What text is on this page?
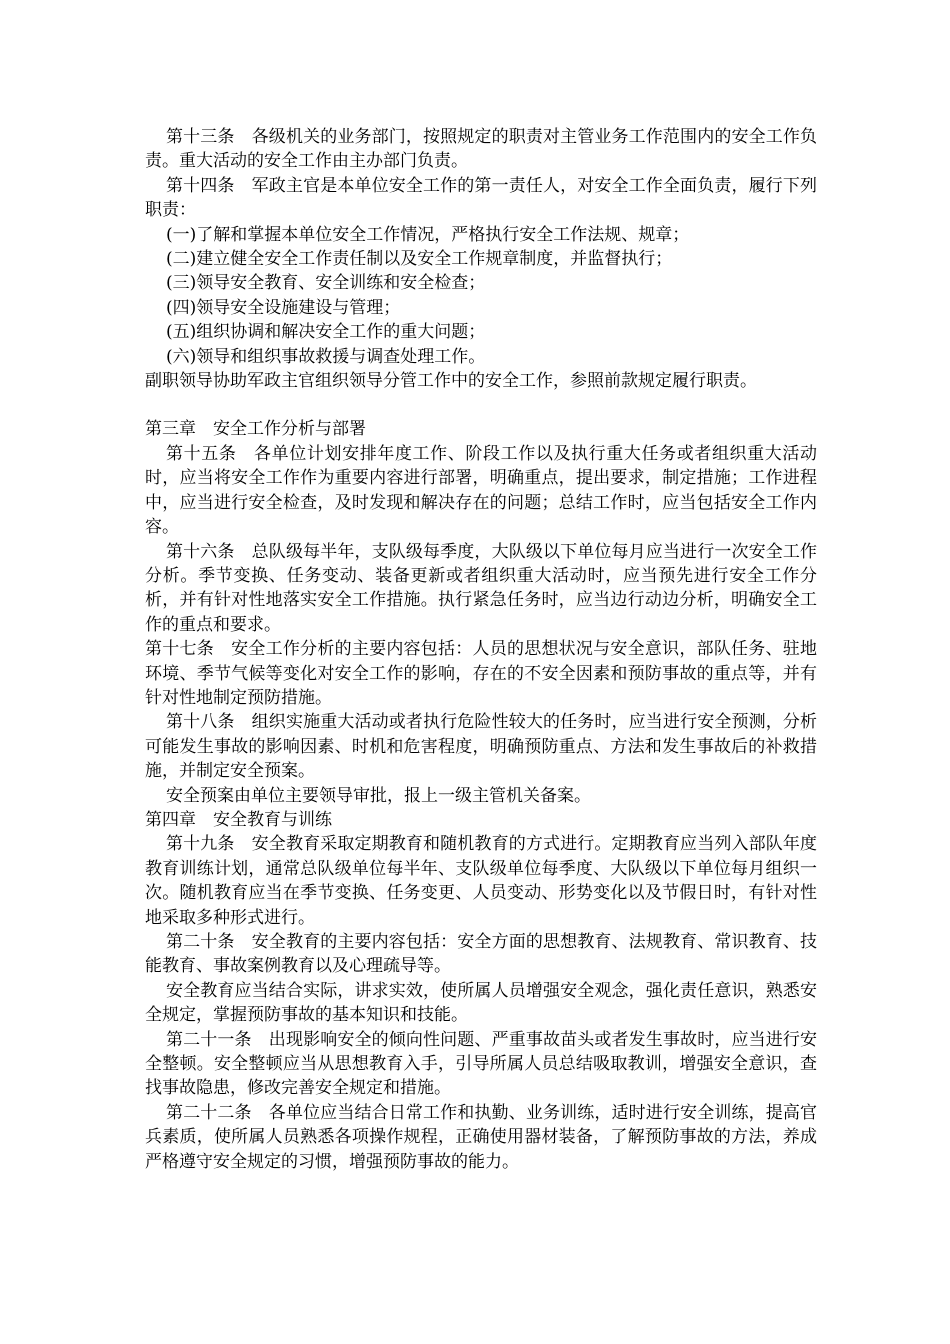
第十三条　各级机关的业务部门，按照规定的职责对主管业务工作范围内的安全工作负责。重大活动的安全工作由主办部门负责。

第十四条　军政主官是本单位安全工作的第一责任人，对安全工作全面负责，履行下列职责：

(一)了解和掌握本单位安全工作情况，严格执行安全工作法规、规章；

(二)建立健全安全工作责任制以及安全工作规章制度，并监督执行；

(三)领导安全教育、安全训练和安全检查；

(四)领导安全设施建设与管理；

(五)组织协调和解决安全工作的重大问题；

(六)领导和组织事故救援与调查处理工作。

副职领导协助军政主官组织领导分管工作中的安全工作，参照前款规定履行职责。

第三章　安全工作分析与部署

第十五条　各单位计划安排年度工作、阶段工作以及执行重大任务或者组织重大活动时，应当将安全工作作为重要内容进行部署，明确重点，提出要求，制定措施；工作进程中，应当进行安全检查，及时发现和解决存在的问题；总结工作时，应当包括安全工作内容。

第十六条　总队级每半年，支队级每季度，大队级以下单位每月应当进行一次安全工作分析。季节变换、任务变动、装备更新或者组织重大活动时，应当预先进行安全工作分析，并有针对性地落实安全工作措施。执行紧急任务时，应当边行动边分析，明确安全工作的重点和要求。

第十七条　安全工作分析的主要内容包括：人员的思想状况与安全意识，部队任务、驻地环境、季节气候等变化对安全工作的影响，存在的不安全因素和预防事故的重点等，并有针对性地制定预防措施。

第十八条　组织实施重大活动或者执行危险性较大的任务时，应当进行安全预测，分析可能发生事故的影响因素、时机和危害程度，明确预防重点、方法和发生事故后的补救措施，并制定安全预案。

安全预案由单位主要领导审批，报上一级主管机关备案。

第四章　安全教育与训练

第十九条　安全教育采取定期教育和随机教育的方式进行。定期教育应当列入部队年度教育训练计划，通常总队级单位每半年、支队级单位每季度、大队级以下单位每月组织一次。随机教育应当在季节变换、任务变更、人员变动、形势变化以及节假日时，有针对性地采取多种形式进行。

第二十条　安全教育的主要内容包括：安全方面的思想教育、法规教育、常识教育、技能教育、事故案例教育以及心理疏导等。

安全教育应当结合实际，讲求实效，使所属人员增强安全观念，强化责任意识，熟悉安全规定，掌握预防事故的基本知识和技能。

第二十一条　出现影响安全的倾向性问题、严重事故苗头或者发生事故时，应当进行安全整顿。安全整顿应当从思想教育入手，引导所属人员总结吸取教训，增强安全意识，查找事故隐患，修改完善安全规定和措施。

第二十二条　各单位应当结合日常工作和执勤、业务训练，适时进行安全训练，提高官兵素质，使所属人员熟悉各项操作规程，正确使用器材装备，了解预防事故的方法，养成严格遵守安全规定的习惯，增强预防事故的能力。
